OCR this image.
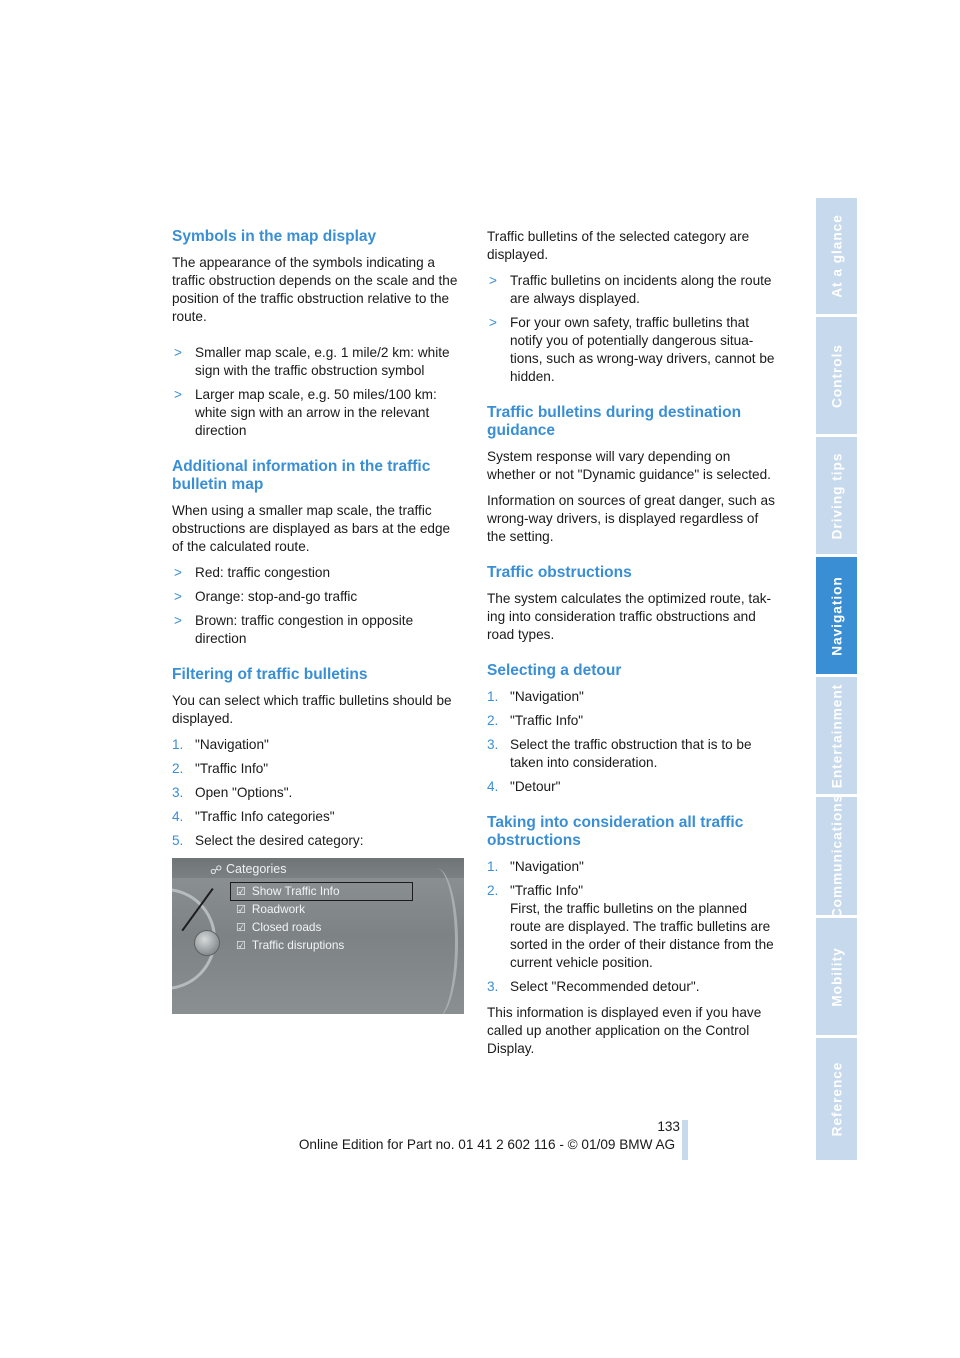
Symbols in the map display

The appearance of the symbols indicating a traffic obstruction depends on the scale and the position of the traffic obstruction relative to the route.

> Smaller map scale, e.g. 1 mile/2 km: white sign with the traffic obstruction symbol
> Larger map scale, e.g. 50 miles/100 km: white sign with an arrow in the relevant direction
Additional information in the traffic bulletin map

When using a smaller map scale, the traffic obstructions are displayed as bars at the edge of the calculated route.

> Red: traffic congestion
> Orange: stop-and-go traffic
> Brown: traffic congestion in opposite direction
Filtering of traffic bulletins

You can select which traffic bulletins should be displayed.

1. "Navigation"
2. "Traffic Info"
3. Open "Options".
4. "Traffic Info categories"
5. Select the desired category:
☍ Categories
☑ Show Traffic Info
☑ Roadwork
☑ Closed roads
☑ Traffic disruptions

Traffic bulletins of the selected category are displayed.

> Traffic bulletins on incidents along the route are always displayed.
> For your own safety, traffic bulletins that notify you of potentially dangerous situa-tions, such as wrong-way drivers, cannot be hidden.
Traffic bulletins during destination guidance

System response will vary depending on whether or not "Dynamic guidance" is selected.

Information on sources of great danger, such as wrong-way drivers, is displayed regardless of the setting.

Traffic obstructions

The system calculates the optimized route, tak-ing into consideration traffic obstructions and road types.

Selecting a detour
1. "Navigation"
2. "Traffic Info"
3. Select the traffic obstruction that is to be taken into consideration.
4. "Detour"
Taking into consideration all traffic obstructions
1. "Navigation"
2. "Traffic Info"
First, the traffic bulletins on the planned route are displayed. The traffic bulletins are sorted in the order of their distance from the current vehicle position.
3. Select "Recommended detour".

This information is displayed even if you have called up another application on the Control Display.

At a glance
Controls
Driving tips
Navigation
Entertainment
Communications
Mobility
Reference
133
Online Edition for Part no. 01 41 2 602 116 - © 01/09 BMW AG
